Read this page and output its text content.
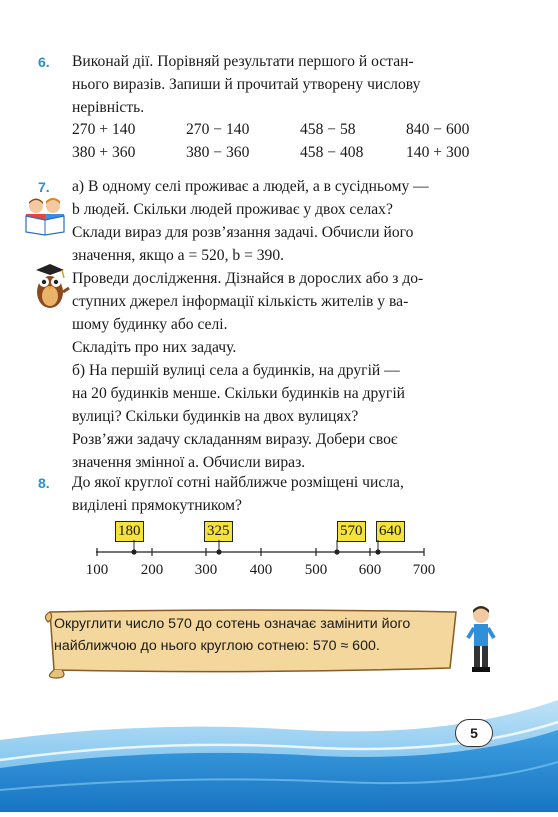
6. Виконай дії. Порівняй результати першого й остан-
нього виразів. Запиши й прочитай утворену числову
нерівність.
270 + 140	270 − 140	458 − 58	840 − 600
380 + 360	380 − 360	458 − 408	140 + 300
7. а) В одному селі проживає a людей, а в сусідньому —
b людей. Скільки людей проживає у двох селах?
Склади вираз для розв’язання задачі. Обчисли його
значення, якщо a = 520, b = 390.
Проведи дослідження. Дізнайся в дорослих або з до-
ступних джерел інформації кількість жителів у ва-
шому будинку або селі.
Складіть про них задачу.
б) На першій вулиці села a будинків, на другій —
на 20 будинків менше. Скільки будинків на другій
вулиці? Скільки будинків на двох вулицях?
Розв’яжи задачу складанням виразу. Добери своє
значення змінної a. Обчисли вираз.
8. До якої круглої сотні найближче розміщені числа,
виділені прямокутником?
180	325	570 640
100	200	300	400	500	600	700
Округлити число 570 до сотень означає замінити його
найближчою до нього круглою сотнею: 570 ≈ 600.
5
